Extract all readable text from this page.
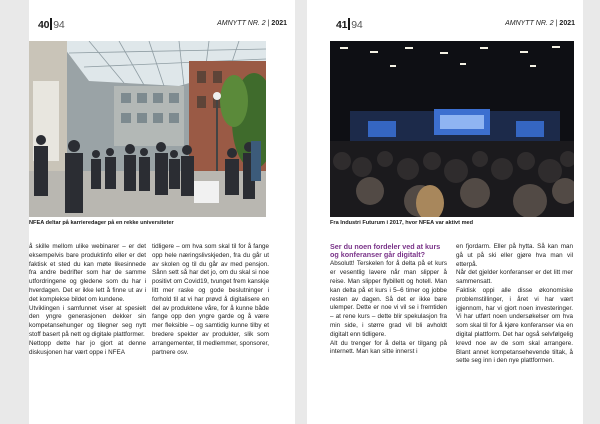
40 94	AMNYTT NR. 2 | 2021
NFEA deltar på karrieredager på en rekke universiteter

å skille mellom ulike webinarer – er det eksempelvis bare produktinfo eller er det faktisk et sted du kan møte likesinnede fra andre bedrifter som har de samme utfordringene og gledene som du har i hverdagen. Det er ikke lett å finne ut av i det komplekse bildet om kundene.

Utviklingen i samfunnet viser at spesielt den yngre generasjonen dekker sin kompetansehunger og tilegner seg nytt stoff basert på nett og digitale plattformer.

Nettopp dette har jo gjort at denne diskusjonen har vært oppe i NFEA

tidligere – om hva som skal til for å fange opp hele næringslivskjeden, fra du går ut av skolen og til du går av med pensjon. Sånn sett så har det jo, om du skal si noe positivt om Covid19, tvunget frem kanskje litt mer raske og gode beslutninger i forhold til at vi har prøvd å digitalisere en del av produktene våre, for å kunne både fange opp den yngre garde og å være mer fleksible – og samtidig kunne tilby et bredere spekter av produkter, slik som arrangementer, til medlemmer, sponsorer, partnere osv.

41 94	AMNYTT NR. 2 | 2021
Fra Industri Futurum i 2017, hvor NFEA var aktivt med
Ser du noen fordeler ved at kurs og konferanser går digitalt?

Absolutt! Terskelen for å delta på et kurs er vesentlig lavere når man slipper å reise. Man slipper flybillett og hotell. Man kan delta på et kurs i 5–6 timer og jobbe resten av dagen. Så det er ikke bare ulemper. Dette er noe vi vil se i fremtiden – at rene kurs – dette blir spekulasjon fra min side, i større grad vil bli avholdt digitalt enn tidligere.

Alt du trenger for å delta er tilgang på internett. Man kan sitte innerst i

en fjordarm. Eller på hytta. Så kan man gå ut på ski eller gjøre hva man vil etterpå.

Når det gjelder konferanser er det litt mer sammensatt.

Faktisk oppi alle disse økonomiske problemstillinger, i året vi har vært igjennom, har vi gjort noen investeringer. Vi har utført noen undersøkelser om hva som skal til for å kjøre konferanser via en digital plattform. Det har også selvfølgelig krevd noe av de som skal arrangere. Blant annet kompetansehevende tiltak, å sette seg inn i den nye plattformen.
